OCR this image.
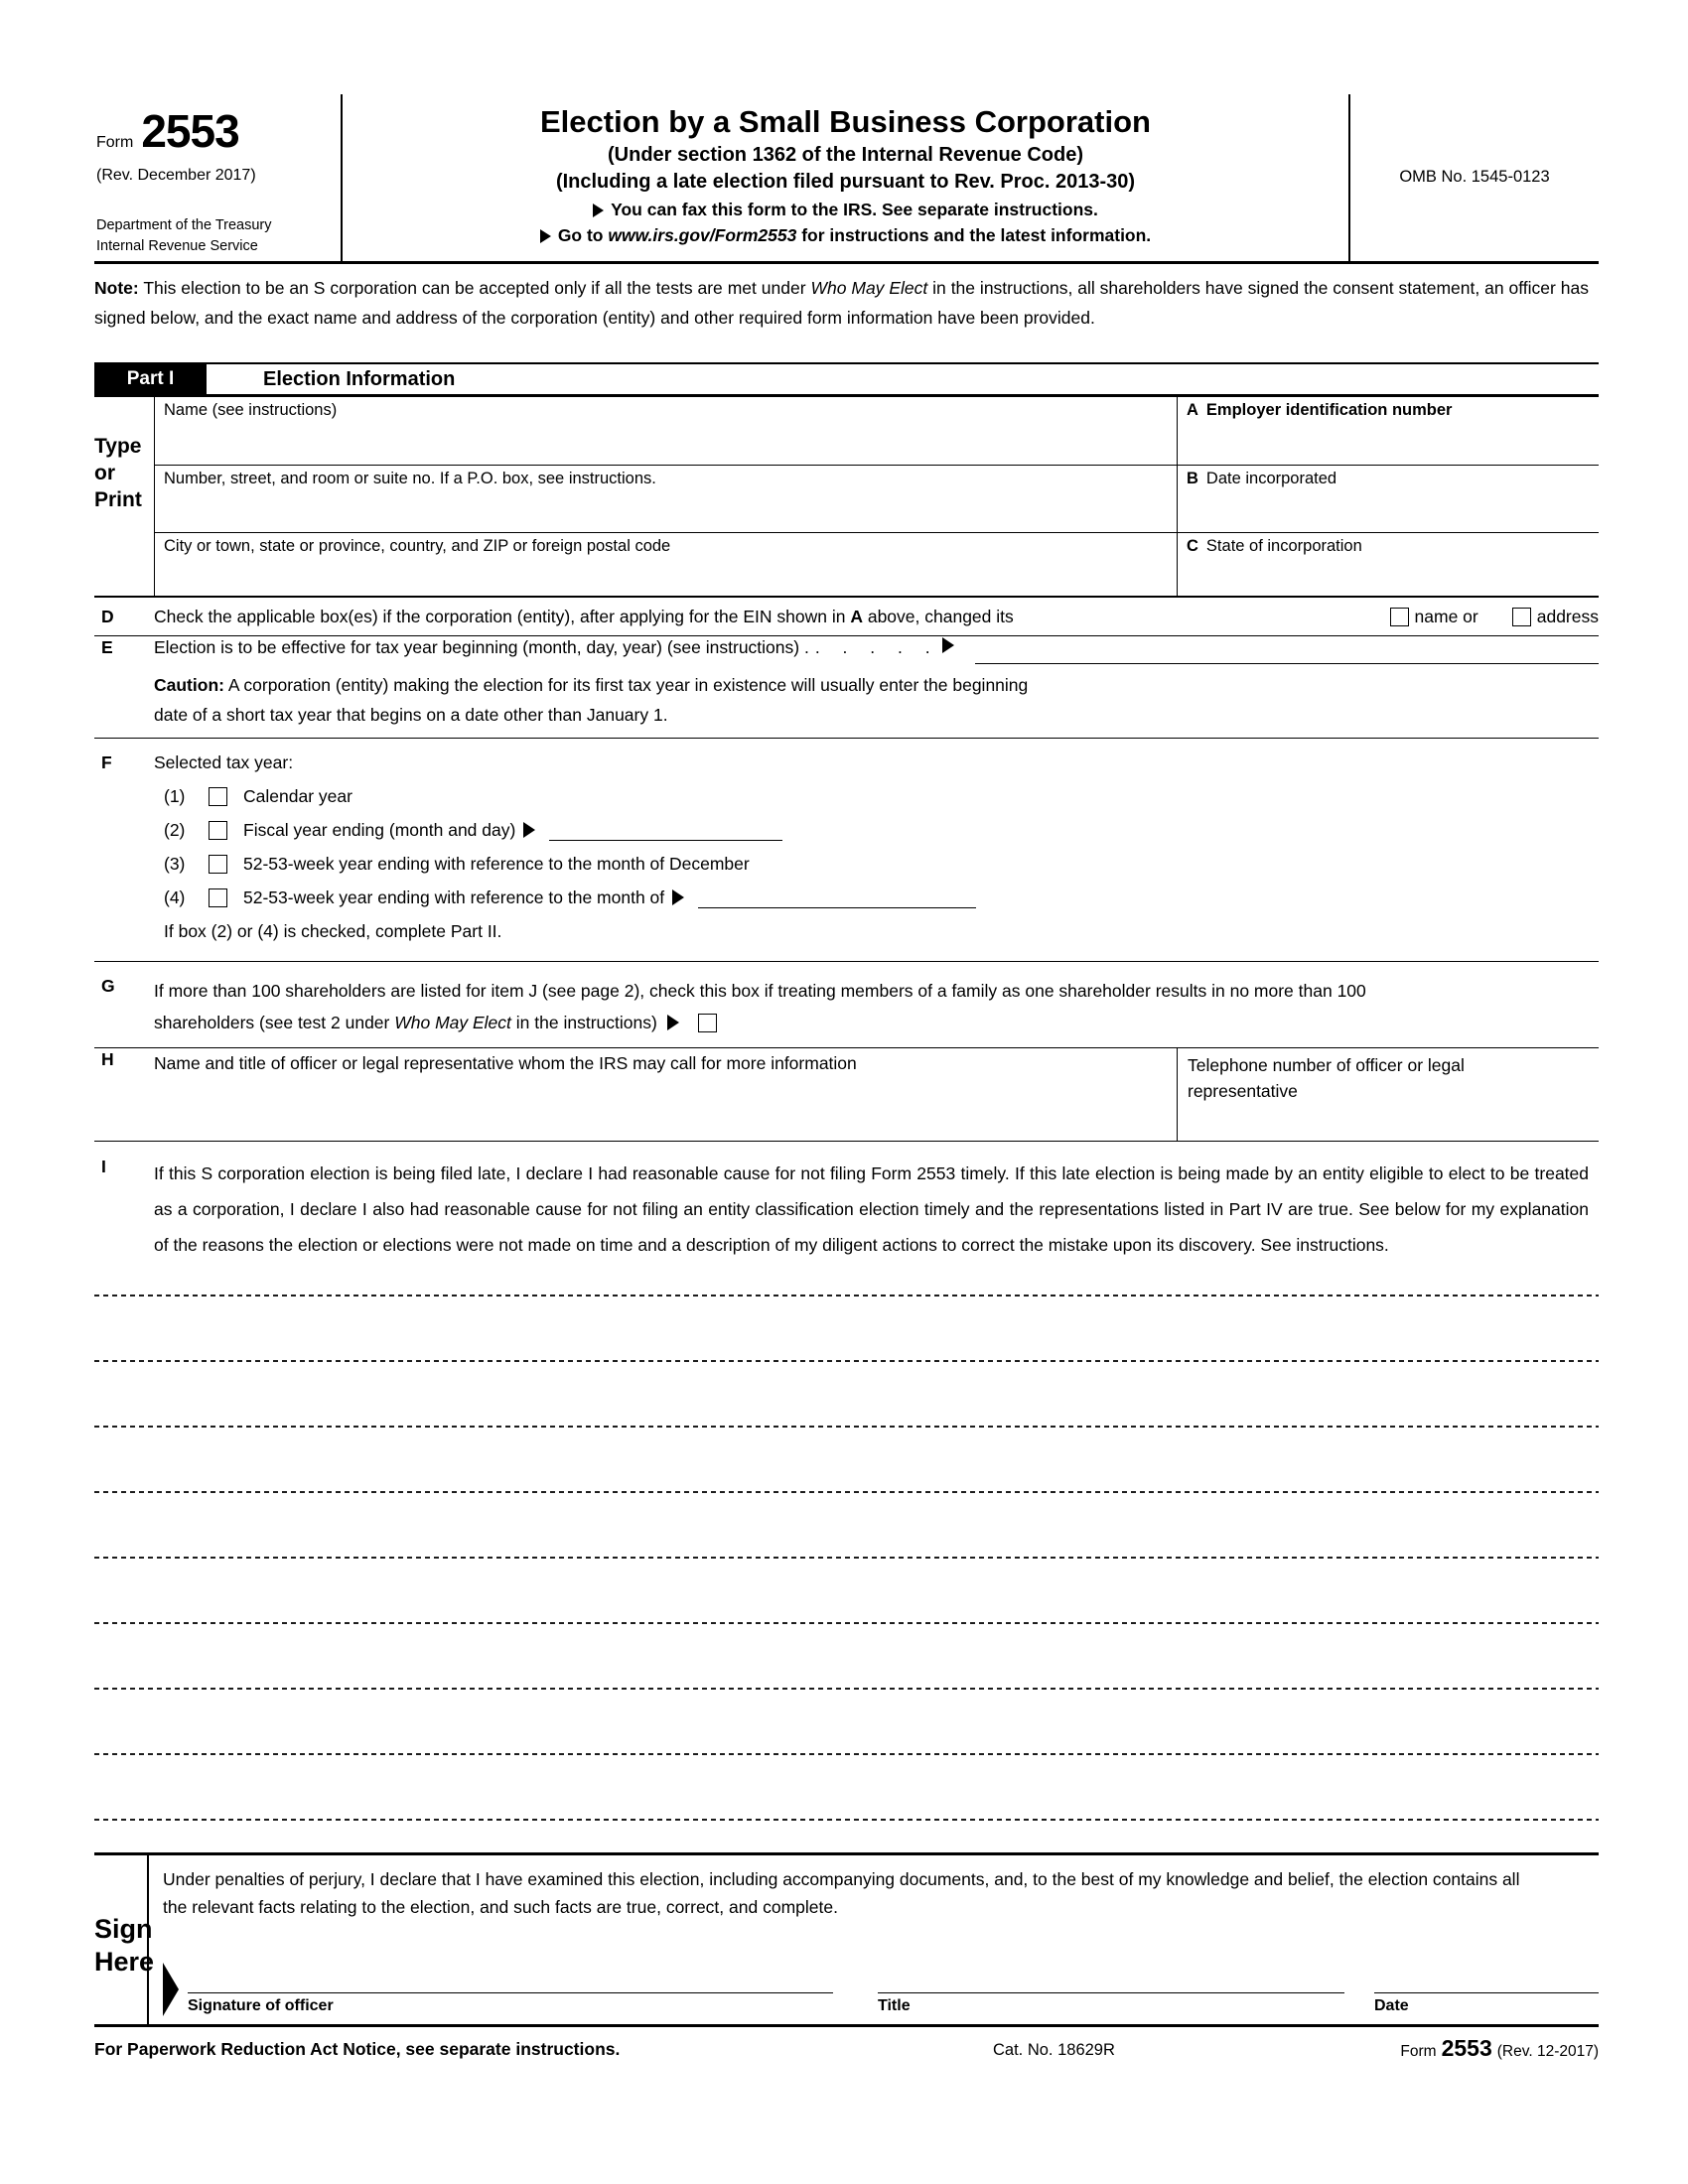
Form 2553
(Rev. December 2017)
Department of the Treasury
Internal Revenue Service
Election by a Small Business Corporation
(Under section 1362 of the Internal Revenue Code)
(Including a late election filed pursuant to Rev. Proc. 2013-30)
You can fax this form to the IRS. See separate instructions.
Go to www.irs.gov/Form2553 for instructions and the latest information.
OMB No. 1545-0123
Note: This election to be an S corporation can be accepted only if all the tests are met under Who May Elect in the instructions, all shareholders have signed the consent statement, an officer has signed below, and the exact name and address of the corporation (entity) and other required form information have been provided.
Part I	Election Information
Type
or
Print
Name (see instructions)	A Employer identification number
Number, street, and room or suite no. If a P.O. box, see instructions.	B Date incorporated
City or town, state or province, country, and ZIP or foreign postal code	C State of incorporation
D	Check the applicable box(es) if the corporation (entity), after applying for the EIN shown in A above, changed its	name or	address
E	Election is to be effective for tax year beginning (month, day, year) (see instructions) . . . . . .
Caution: A corporation (entity) making the election for its first tax year in existence will usually enter the beginning date of a short tax year that begins on a date other than January 1.
F	Selected tax year:
(1)	Calendar year
(2)	Fiscal year ending (month and day)
(3)	52-53-week year ending with reference to the month of December
(4)	52-53-week year ending with reference to the month of
If box (2) or (4) is checked, complete Part II.
G	If more than 100 shareholders are listed for item J (see page 2), check this box if treating members of a family as one shareholder results in no more than 100 shareholders (see test 2 under Who May Elect in the instructions)
H	Name and title of officer or legal representative whom the IRS may call for more information	Telephone number of officer or legal representative
I	If this S corporation election is being filed late, I declare I had reasonable cause for not filing Form 2553 timely. If this late election is being made by an entity eligible to elect to be treated as a corporation, I declare I also had reasonable cause for not filing an entity classification election timely and the representations listed in Part IV are true. See below for my explanation of the reasons the election or elections were not made on time and a description of my diligent actions to correct the mistake upon its discovery. See instructions.
Sign
Here
Under penalties of perjury, I declare that I have examined this election, including accompanying documents, and, to the best of my knowledge and belief, the election contains all the relevant facts relating to the election, and such facts are true, correct, and complete.
Signature of officer	Title	Date
For Paperwork Reduction Act Notice, see separate instructions.	Cat. No. 18629R	Form 2553 (Rev. 12-2017)
